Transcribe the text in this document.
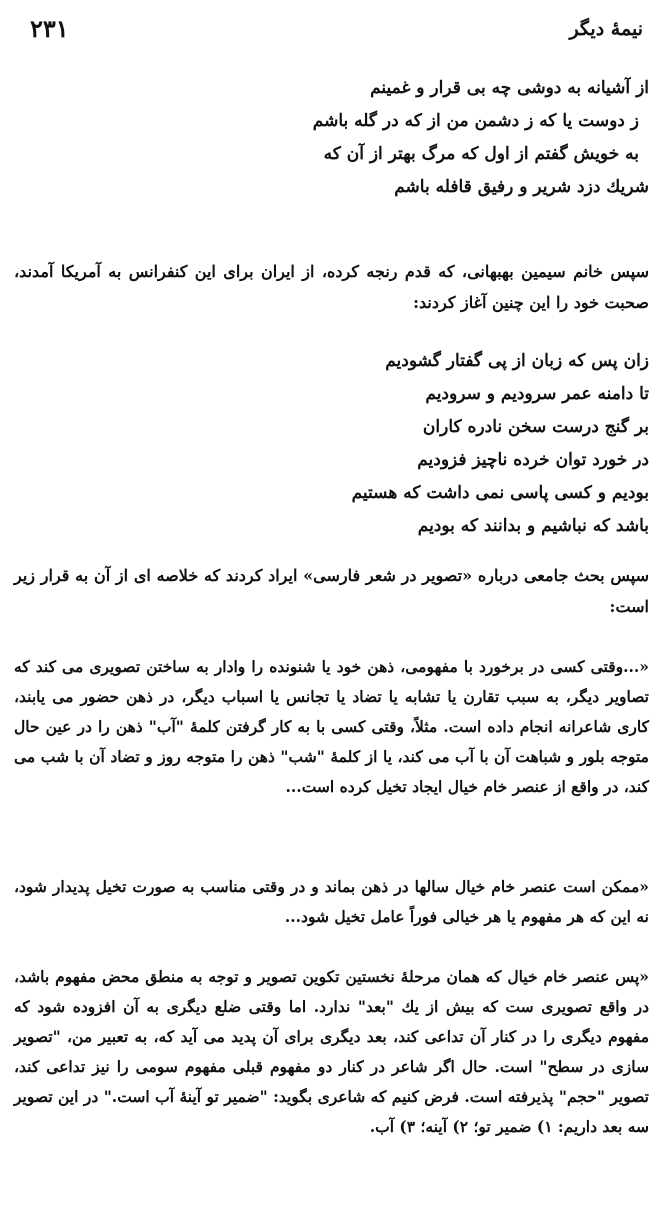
نیمهٔ دیگر
۲۳۱
از آشیانه به دوشی چه بی قرار و غمینم
ز دوست یا که ز دشمن من از که در گله باشم
به خویش گفتم از اول که مرگ بهتر از آن که
شریك دزد شریر و رفیق قافله باشم
سپس خانم سیمین بهبهانی، که قدم رنجه کرده، از ایران برای این کنفرانس به آمریکا آمدند، صحبت خود را این چنین آغاز کردند:
زان پس که زبان از پی گفتار گشودیم
تا دامنه عمر سرودیم و سرودیم
بر گنج درست سخن نادره کاران
در خورد توان خرده ناچیز فزودیم
بودیم و کسی پاسی نمی داشت که هستیم
باشد که نباشیم و بدانند که بودیم
سپس بحث جامعی درباره «تصویر در شعر فارسی» ایراد کردند که خلاصه ای از آن به قرار زیر است:
«...وقتی کسی در برخورد با مفهومی، ذهن خود یا شنونده را وادار به ساختن تصویری می کند که تصاویر دیگر، به سبب تقارن یا تشابه یا تضاد یا تجانس یا اسباب دیگر، در ذهن حضور می یابند، کاری شاعرانه انجام داده است. مثلاً، وقتی کسی با به کار گرفتن کلمهٔ "آب" ذهن را در عین حال متوجه بلور و شباهت آن با آب می کند، یا از کلمهٔ "شب" ذهن را متوجه روز و تضاد آن با شب می کند، در واقع از عنصر خام خیال ایجاد تخیل کرده است...
«ممکن است عنصر خام خیال سالها در ذهن بماند و در وقتی مناسب به صورت تخیل پدیدار شود، نه این که هر مفهوم یا هر خیالی فوراً عامل تخیل شود...
«پس عنصر خام خیال که همان مرحلهٔ نخستین تکوین تصویر و توجه به منطق محض مفهوم باشد، در واقع تصویری ست که بیش از یك "بعد" ندارد. اما وقتی ضلع دیگری به آن افزوده شود که مفهوم دیگری را در کنار آن تداعی کند، بعد دیگری برای آن پدید می آید که، به تعبیر من، "تصویر سازی در سطح" است. حال اگر شاعر در کنار دو مفهوم قبلی مفهوم سومی را نیز تداعی کند، تصویر "حجم" پذیرفته است. فرض کنیم که شاعری بگوید: "ضمیر تو آینهٔ آب است." در این تصویر سه بعد داریم: ۱) ضمیر تو؛ ۲) آینه؛ ۳) آب.
